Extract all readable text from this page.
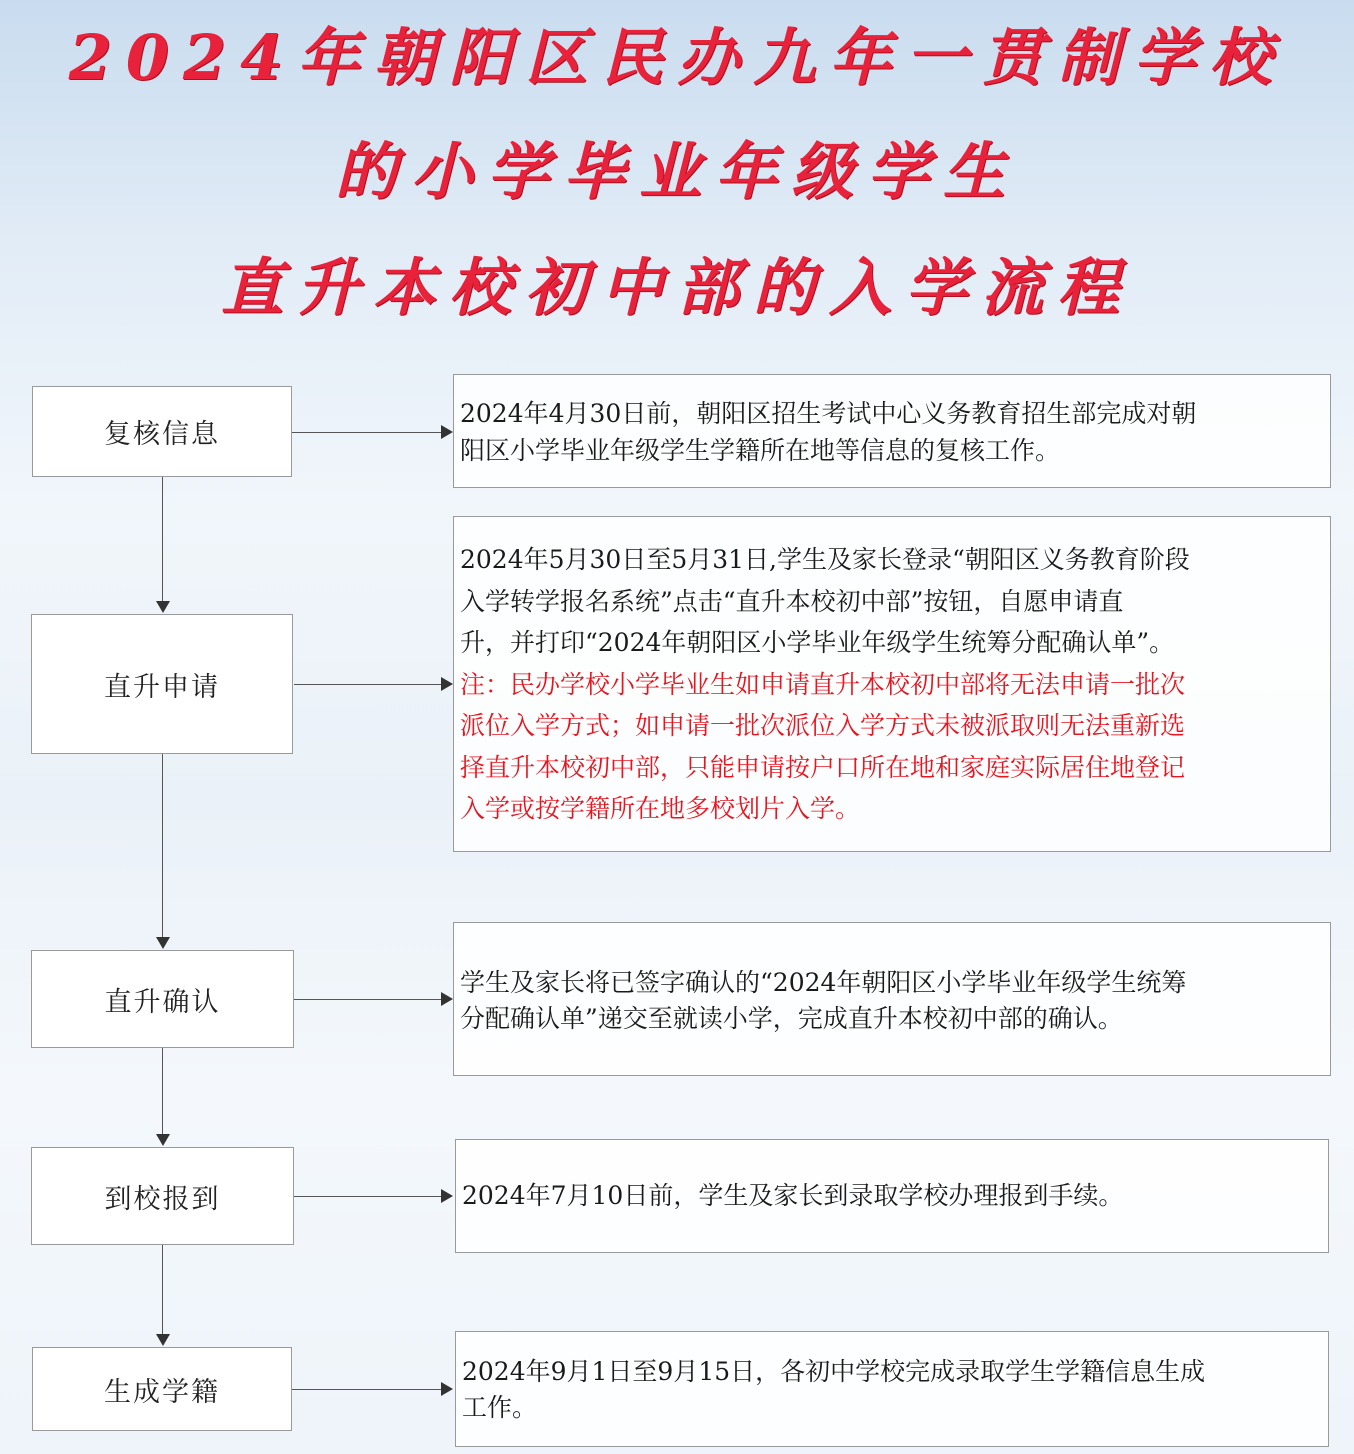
2024年朝阳区民办九年一贯制学校
的小学毕业年级学生
直升本校初中部的入学流程
复核信息
直升申请
直升确认
到校报到
生成学籍
2024年4月30日前，朝阳区招生考试中心义务教育招生部完成对朝
阳区小学毕业年级学生学籍所在地等信息的复核工作。
2024年5月30日至5月31日,学生及家长登录“朝阳区义务教育阶段
入学转学报名系统”点击“直升本校初中部”按钮，自愿申请直
升，并打印“2024年朝阳区小学毕业年级学生统筹分配确认单”。
注：民办学校小学毕业生如申请直升本校初中部将无法申请一批次
派位入学方式；如申请一批次派位入学方式未被派取则无法重新选
择直升本校初中部，只能申请按户口所在地和家庭实际居住地登记
入学或按学籍所在地多校划片入学。
学生及家长将已签字确认的“2024年朝阳区小学毕业年级学生统筹
分配确认单”递交至就读小学，完成直升本校初中部的确认。
2024年7月10日前，学生及家长到录取学校办理报到手续。
2024年9月1日至9月15日，各初中学校完成录取学生学籍信息生成
工作。
